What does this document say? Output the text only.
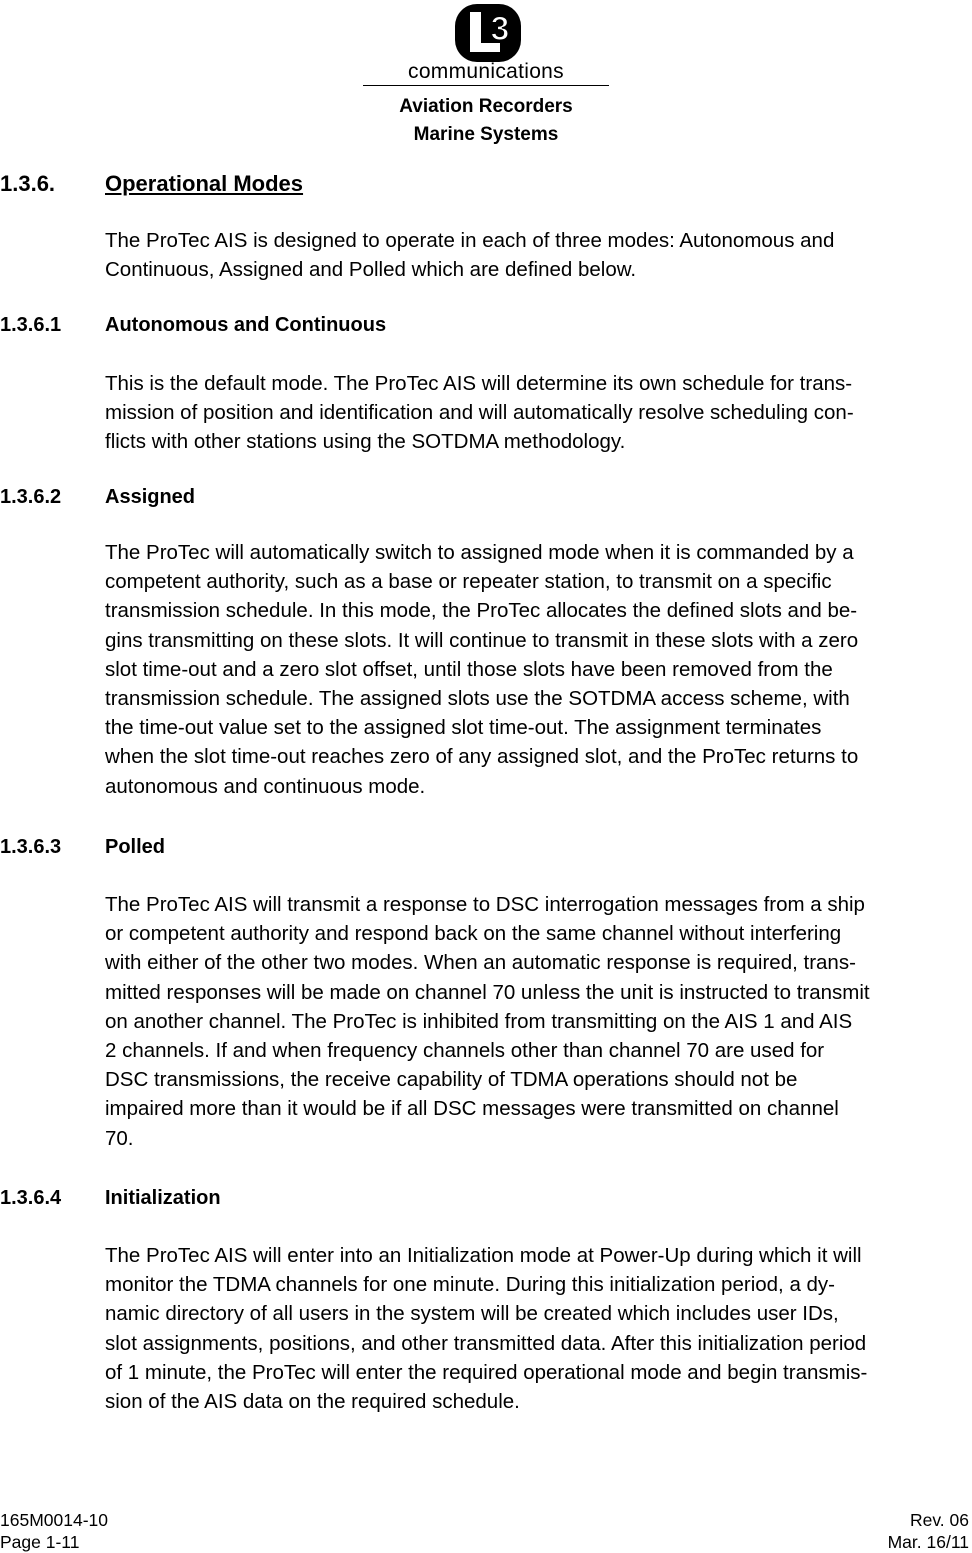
3
communications
Aviation Recorders
Marine Systems
1.3.6. Operational Modes
The ProTec AIS is designed to operate in each of three modes: Autonomous and
Continuous, Assigned and Polled which are defined below.
1.3.6.1 Autonomous and Continuous
This is the default mode. The ProTec AIS will determine its own schedule for trans-
mission of position and identification and will automatically resolve scheduling con-
flicts with other stations using the SOTDMA methodology.
1.3.6.2 Assigned
The ProTec will automatically switch to assigned mode when it is commanded by a
competent authority, such as a base or repeater station, to transmit on a specific
transmission schedule. In this mode, the ProTec allocates the defined slots and be-
gins transmitting on these slots. It will continue to transmit in these slots with a zero
slot time-out and a zero slot offset, until those slots have been removed from the
transmission schedule. The assigned slots use the SOTDMA access scheme, with
the time-out value set to the assigned slot time-out. The assignment terminates
when the slot time-out reaches zero of any assigned slot, and the ProTec returns to
autonomous and continuous mode.
1.3.6.3 Polled
The ProTec AIS will transmit a response to DSC interrogation messages from a ship
or competent authority and respond back on the same channel without interfering
with either of the other two modes. When an automatic response is required, trans-
mitted responses will be made on channel 70 unless the unit is instructed to transmit
on another channel. The ProTec is inhibited from transmitting on the AIS 1 and AIS
2 channels. If and when frequency channels other than channel 70 are used for
DSC transmissions, the receive capability of TDMA operations should not be
impaired more than it would be if all DSC messages were transmitted on channel
70.
1.3.6.4 Initialization
The ProTec AIS will enter into an Initialization mode at Power-Up during which it will
monitor the TDMA channels for one minute. During this initialization period, a dy-
namic directory of all users in the system will be created which includes user IDs,
slot assignments, positions, and other transmitted data. After this initialization period
of 1 minute, the ProTec will enter the required operational mode and begin transmis-
sion of the AIS data on the required schedule.
165M0014-10
Page 1-11
Rev. 06
Mar. 16/11
